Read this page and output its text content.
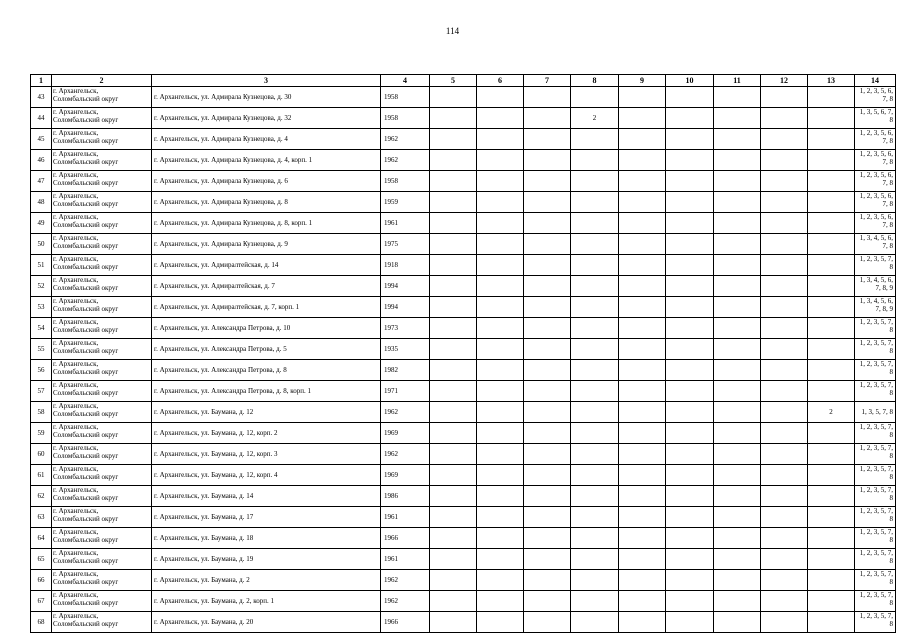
114
1	2	3	4	5	6	7	8	9	10	11	12	13	14
43	г. Архангельск,
Соломбальский округ	г. Архангельск, ул. Адмирала Кузнецова, д. 30	1958										1, 2, 3, 5, 6,
7, 8

44	г. Архангельск,
Соломбальский округ	г. Архангельск, ул. Адмирала Кузнецова, д. 32	1958				2						1, 3, 5, 6, 7,
8

45	г. Архангельск,
Соломбальский округ	г. Архангельск, ул. Адмирала Кузнецова, д. 4	1962										1, 2, 3, 5, 6,
7, 8

46	г. Архангельск,
Соломбальский округ	г. Архангельск, ул. Адмирала Кузнецова, д. 4, корп. 1	1962										1, 2, 3, 5, 6,
7, 8

47	г. Архангельск,
Соломбальский округ	г. Архангельск, ул. Адмирала Кузнецова, д. 6	1958										1, 2, 3, 5, 6,
7, 8

48	г. Архангельск,
Соломбальский округ	г. Архангельск, ул. Адмирала Кузнецова, д. 8	1959										1, 2, 3, 5, 6,
7, 8

49	г. Архангельск,
Соломбальский округ	г. Архангельск, ул. Адмирала Кузнецова, д. 8, корп. 1	1961										1, 2, 3, 5, 6,
7, 8

50	г. Архангельск,
Соломбальский округ	г. Архангельск, ул. Адмирала Кузнецова, д. 9	1975										1, 3, 4, 5, 6,
7, 8

51	г. Архангельск,
Соломбальский округ	г. Архангельск, ул. Адмиралтейская, д. 14	1918										1, 2, 3, 5, 7,
8

52	г. Архангельск,
Соломбальский округ	г. Архангельск, ул. Адмиралтейская, д. 7	1994										1, 3, 4, 5, 6,
7, 8, 9

53	г. Архангельск,
Соломбальский округ	г. Архангельск, ул. Адмиралтейская, д. 7, корп. 1	1994										1, 3, 4, 5, 6,
7, 8, 9

54	г. Архангельск,
Соломбальский округ	г. Архангельск, ул. Александра Петрова, д. 10	1973										1, 2, 3, 5, 7,
8

55	г. Архангельск,
Соломбальский округ	г. Архангельск, ул. Александра Петрова, д. 5	1935										1, 2, 3, 5, 7,
8

56	г. Архангельск,
Соломбальский округ	г. Архангельск, ул. Александра Петрова, д. 8	1982										1, 2, 3, 5, 7,
8

57	г. Архангельск,
Соломбальский округ	г. Архангельск, ул. Александра Петрова, д. 8, корп. 1	1971										1, 2, 3, 5, 7,
8

58	г. Архангельск,
Соломбальский округ	г. Архангельск, ул. Баумана, д. 12	1962									2	1, 3, 5, 7, 8

59	г. Архангельск,
Соломбальский округ	г. Архангельск, ул. Баумана, д. 12, корп. 2	1969										1, 2, 3, 5, 7,
8

60	г. Архангельск,
Соломбальский округ	г. Архангельск, ул. Баумана, д. 12, корп. 3	1962										1, 2, 3, 5, 7,
8

61	г. Архангельск,
Соломбальский округ	г. Архангельск, ул. Баумана, д. 12, корп. 4	1969										1, 2, 3, 5, 7,
8

62	г. Архангельск,
Соломбальский округ	г. Архангельск, ул. Баумана, д. 14	1986										1, 2, 3, 5, 7,
8

63	г. Архангельск,
Соломбальский округ	г. Архангельск, ул. Баумана, д. 17	1961										1, 2, 3, 5, 7,
8

64	г. Архангельск,
Соломбальский округ	г. Архангельск, ул. Баумана, д. 18	1966										1, 2, 3, 5, 7,
8

65	г. Архангельск,
Соломбальский округ	г. Архангельск, ул. Баумана, д. 19	1961										1, 2, 3, 5, 7,
8

66	г. Архангельск,
Соломбальский округ	г. Архангельск, ул. Баумана, д. 2	1962										1, 2, 3, 5, 7,
8

67	г. Архангельск,
Соломбальский округ	г. Архангельск, ул. Баумана, д. 2, корп. 1	1962										1, 2, 3, 5, 7,
8

68	г. Архангельск,
Соломбальский округ	г. Архангельск, ул. Баумана, д. 20	1966										1, 2, 3, 5, 7,
8
